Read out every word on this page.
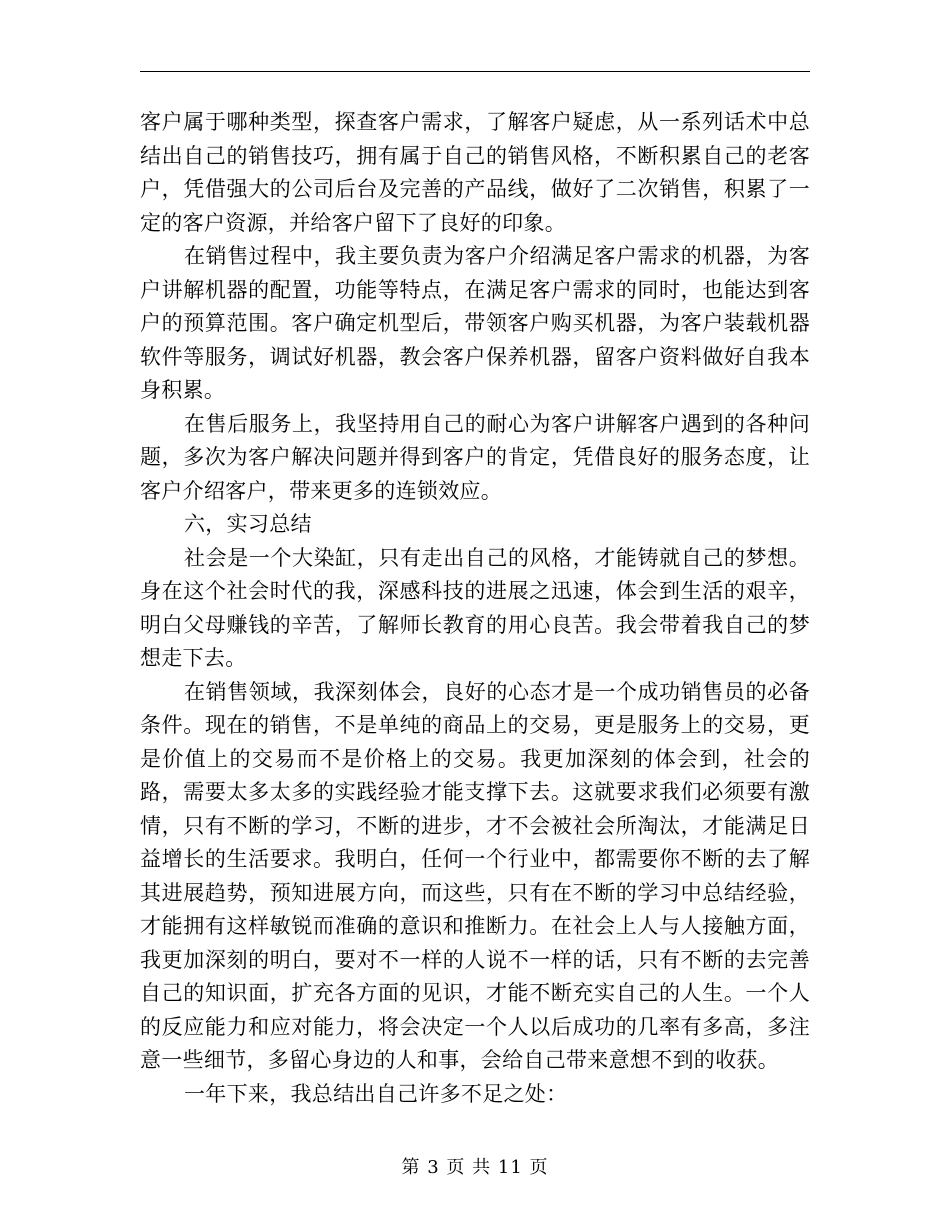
客户属于哪种类型，探查客户需求，了解客户疑虑，从一系列话术中总结出自己的销售技巧，拥有属于自己的销售风格，不断积累自己的老客户，凭借强大的公司后台及完善的产品线，做好了二次销售，积累了一定的客户资源，并给客户留下了良好的印象。

在销售过程中，我主要负责为客户介绍满足客户需求的机器，为客户讲解机器的配置，功能等特点，在满足客户需求的同时，也能达到客户的预算范围。客户确定机型后，带领客户购买机器，为客户装载机器软件等服务，调试好机器，教会客户保养机器，留客户资料做好自我本身积累。

在售后服务上，我坚持用自己的耐心为客户讲解客户遇到的各种问题，多次为客户解决问题并得到客户的肯定，凭借良好的服务态度，让客户介绍客户，带来更多的连锁效应。

六，实习总结

社会是一个大染缸，只有走出自己的风格，才能铸就自己的梦想。身在这个社会时代的我，深感科技的进展之迅速，体会到生活的艰辛，明白父母赚钱的辛苦，了解师长教育的用心良苦。我会带着我自己的梦想走下去。

在销售领域，我深刻体会，良好的心态才是一个成功销售员的必备条件。现在的销售，不是单纯的商品上的交易，更是服务上的交易，更是价值上的交易而不是价格上的交易。我更加深刻的体会到，社会的路，需要太多太多的实践经验才能支撑下去。这就要求我们必须要有激情，只有不断的学习，不断的进步，才不会被社会所淘汰，才能满足日益增长的生活要求。我明白，任何一个行业中，都需要你不断的去了解其进展趋势，预知进展方向，而这些，只有在不断的学习中总结经验，才能拥有这样敏锐而准确的意识和推断力。在社会上人与人接触方面，我更加深刻的明白，要对不一样的人说不一样的话，只有不断的去完善自己的知识面，扩充各方面的见识，才能不断充实自己的人生。一个人的反应能力和应对能力，将会决定一个人以后成功的几率有多高，多注意一些细节，多留心身边的人和事，会给自己带来意想不到的收获。

一年下来，我总结出自己许多不足之处：

第 3 页 共 11 页
